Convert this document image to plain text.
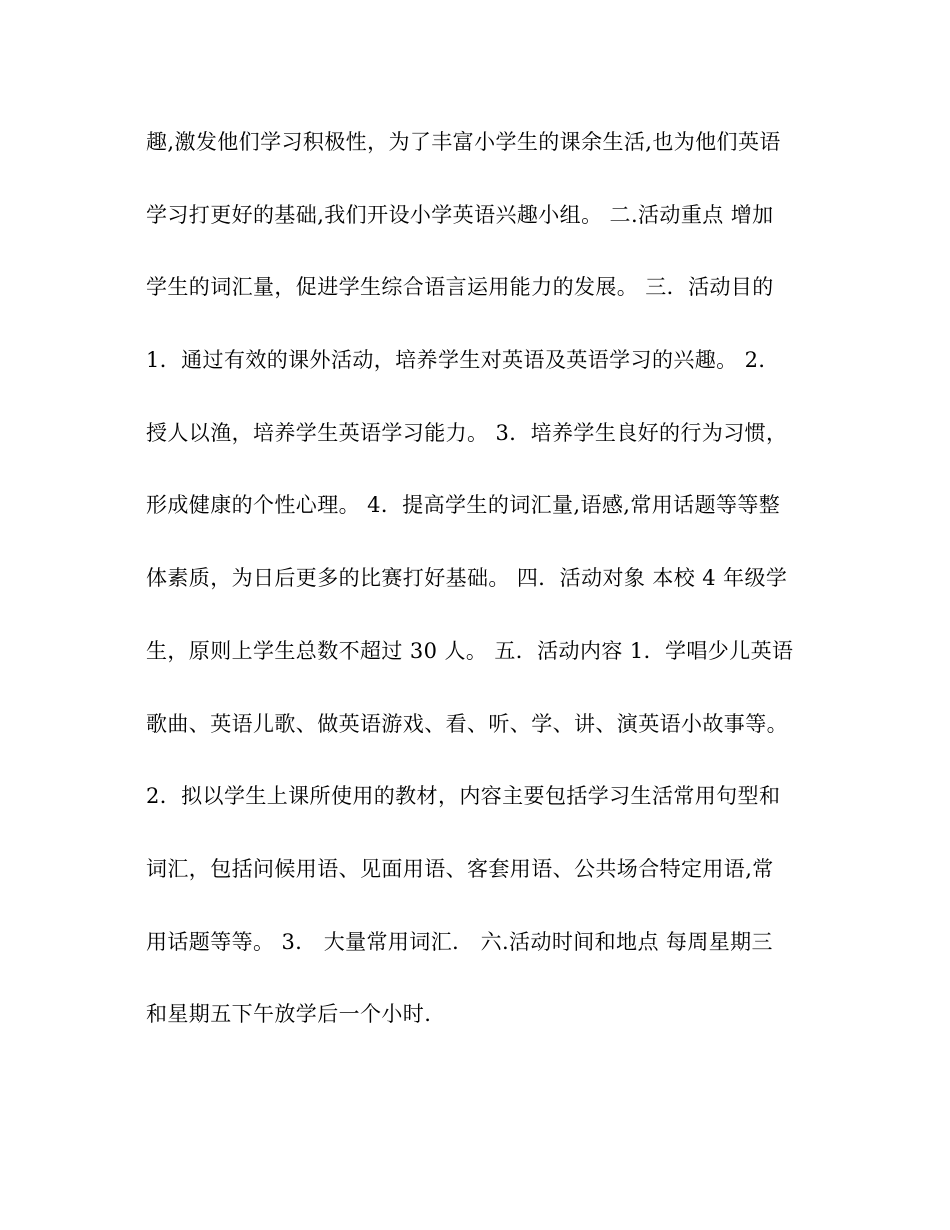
趣,激发他们学习积极性，为了丰富小学生的课余生活,也为他们英语
学习打更好的基础,我们开设小学英语兴趣小组。 二.活动重点 增加
学生的词汇量，促进学生综合语言运用能力的发展。 三．活动目的
1．通过有效的课外活动，培养学生对英语及英语学习的兴趣。 2．
授人以渔，培养学生英语学习能力。 3．培养学生良好的行为习惯，
形成健康的个性心理。 4．提高学生的词汇量,语感,常用话题等等整
体素质，为日后更多的比赛打好基础。 四．活动对象 本校 4 年级学
生，原则上学生总数不超过 30 人。 五．活动内容 1．学唱少儿英语
歌曲、英语儿歌、做英语游戏、看、听、学、讲、演英语小故事等。
2．拟以学生上课所使用的教材，内容主要包括学习生活常用句型和
词汇，包括问候用语、见面用语、客套用语、公共场合特定用语,常
用话题等等。 3． 大量常用词汇． 六.活动时间和地点 每周星期三
和星期五下午放学后一个小时.
